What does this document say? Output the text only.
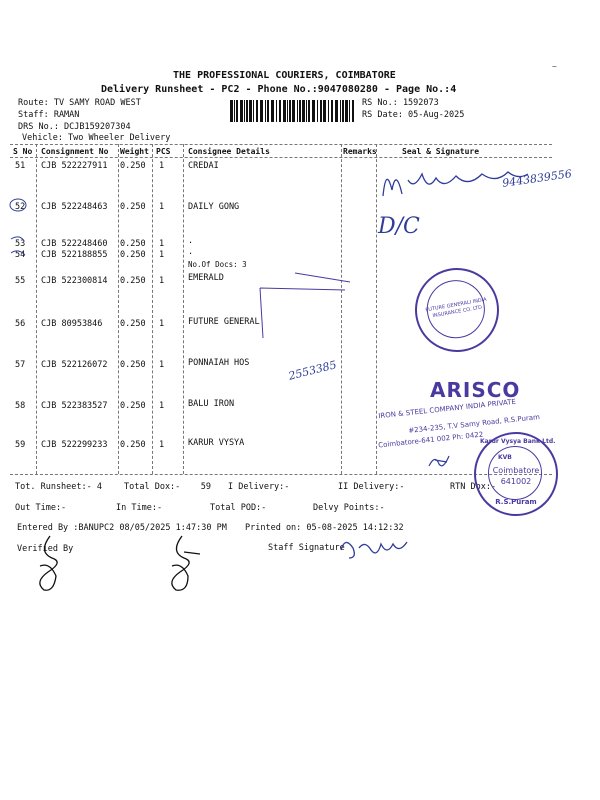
THE PROFESSIONAL COURIERS, COIMBATORE
Delivery Runsheet - PC2 - Phone No.:9047080280 - Page No.:4
Route: TV SAMY ROAD WEST
Staff: RAMAN
DRS No.: DCJB159207304
Vehicle: Two Wheeler Delivery
RS No.: 1592073
RS Date: 05-Aug-2025
S No Consignment No Weight PCS Consignee Details	Remarks	Seal & Signature
51 CJB 522227911 0.250 1	CREDAI
52 CJB 522248463 0.250 1	DAILY GONG
53 CJB 522248460 0.250 1	.
54 CJB 522188855 0.250 1	.
No.Of Docs: 3
55 CJB 522300814 0.250 1	EMERALD
56 CJB 80953846 0.250 1	FUTURE GENERAL
57 CJB 522126072 0.250 1	PONNAIAH HOS
58 CJB 522383527 0.250 1	BALU IRON
59 CJB 522299233 0.250 1	KARUR VYSYA
Tot. Runsheet:- 4	Total Dox:-    59 I Delivery:-	II Delivery:-	RTN Dox:-
Out Time:-	In Time:-	Total POD:-	Delvy Points:-
Entered By :BANUPC2 08/05/2025 1:47:30 PM Printed on: 05-08-2025 14:12:32
Verified By	Staff Signature
9443839556
D/C
2553385
FUTURE GENERALI INDIA INSURANCE CO. LTD
ARISCO
IRON & STEEL COMPANY INDIA PRIVATE
#234-235, T.V Samy Road, R.S.Puram
Coimbatore-641 002 Ph: 0422
Karur Vysya Bank Ltd.
KVB
Coimbatore
641002
R.S.Puram
~
